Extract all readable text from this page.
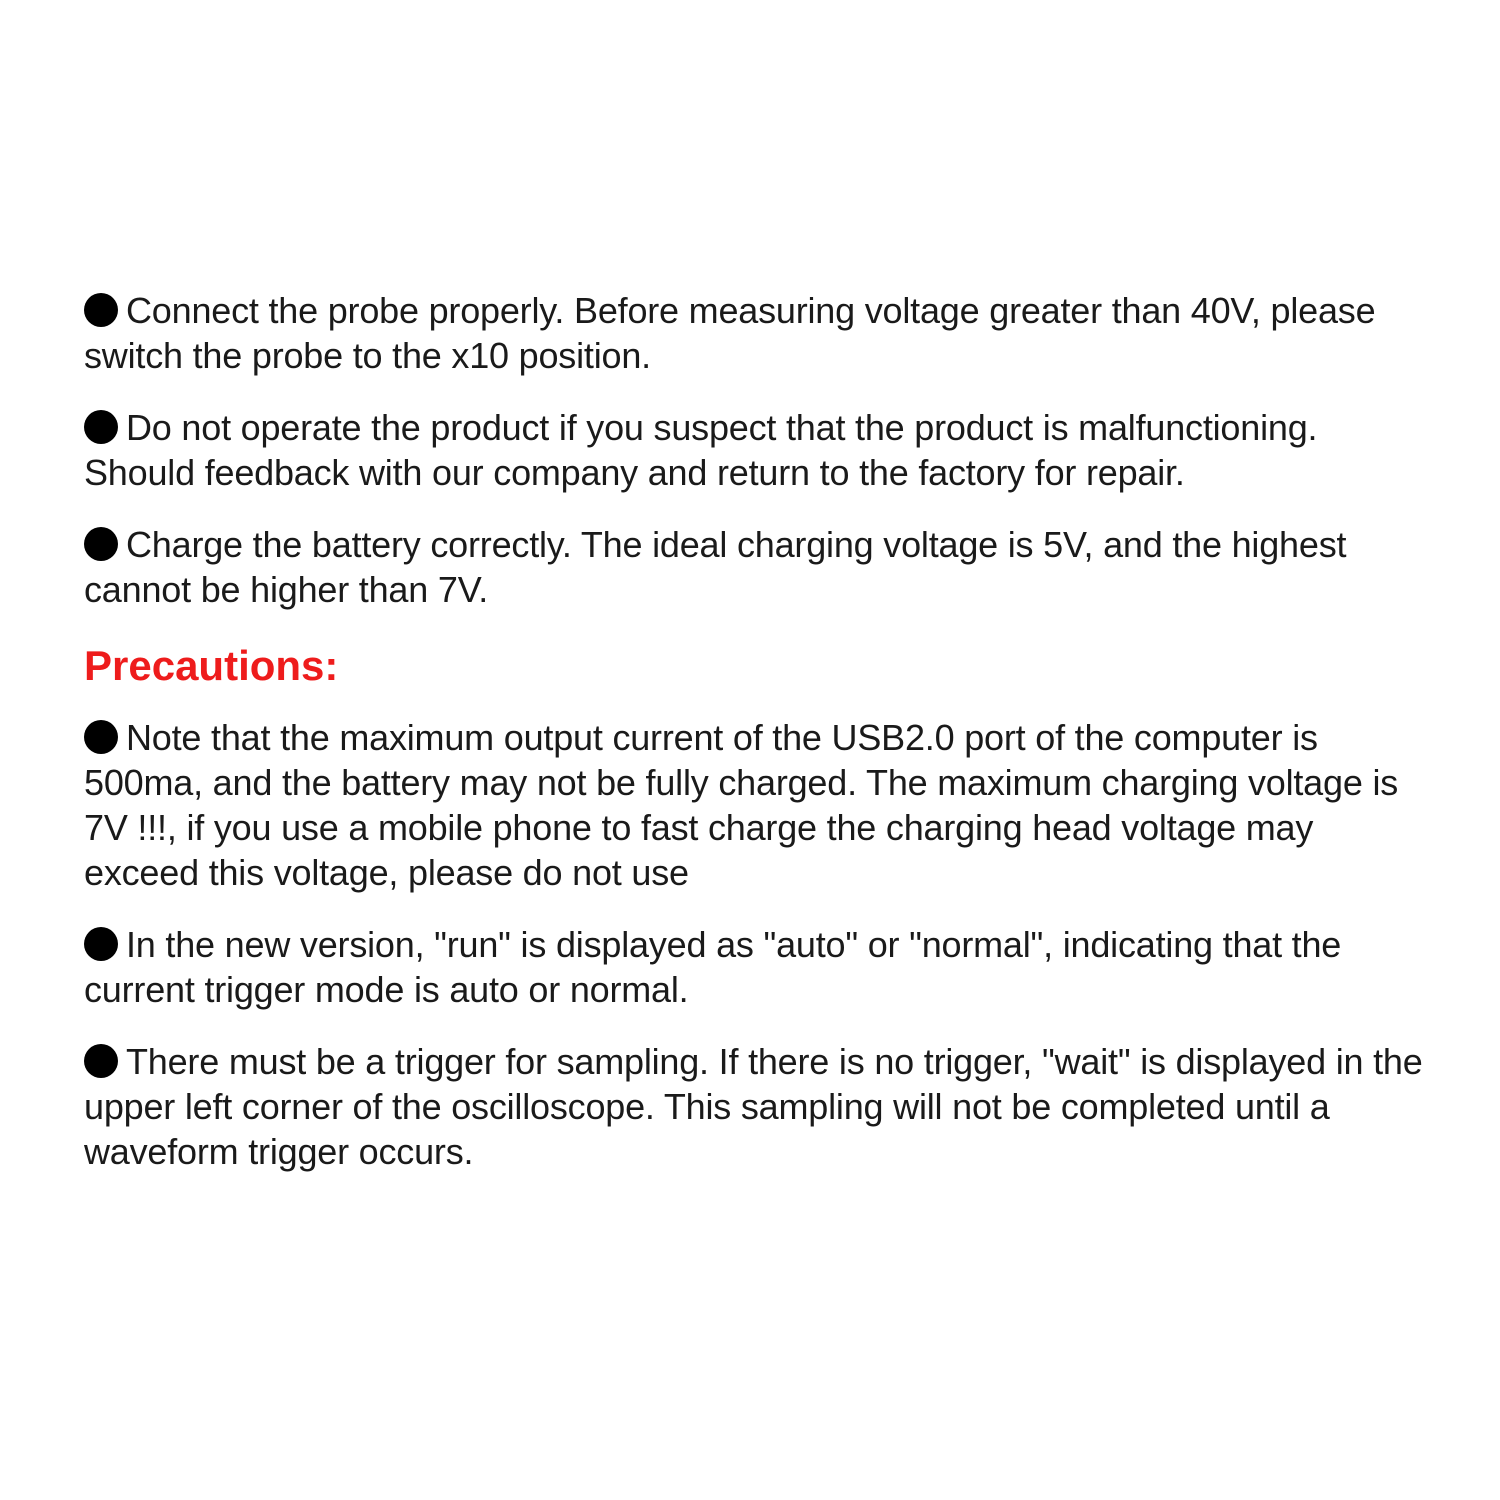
Connect the probe properly. Before measuring voltage greater than 40V, please switch the probe to the x10 position.
Do not operate the product if you suspect that the product is malfunctioning. Should feedback with our company and return to the factory for repair.
Charge the battery correctly. The ideal charging voltage is 5V, and the highest cannot be higher than 7V.
Precautions:
Note that the maximum output current of the USB2.0 port of the computer is 500ma, and the battery may not be fully charged. The maximum charging voltage is 7V !!!, if you use a mobile phone to fast charge the charging head voltage may exceed this voltage, please do not use
In the new version, "run" is displayed as "auto" or "normal", indicating that the current trigger mode is auto or normal.
There must be a trigger for sampling. If there is no trigger, "wait" is displayed in the upper left corner of the oscilloscope. This sampling will not be completed until a waveform trigger occurs.
